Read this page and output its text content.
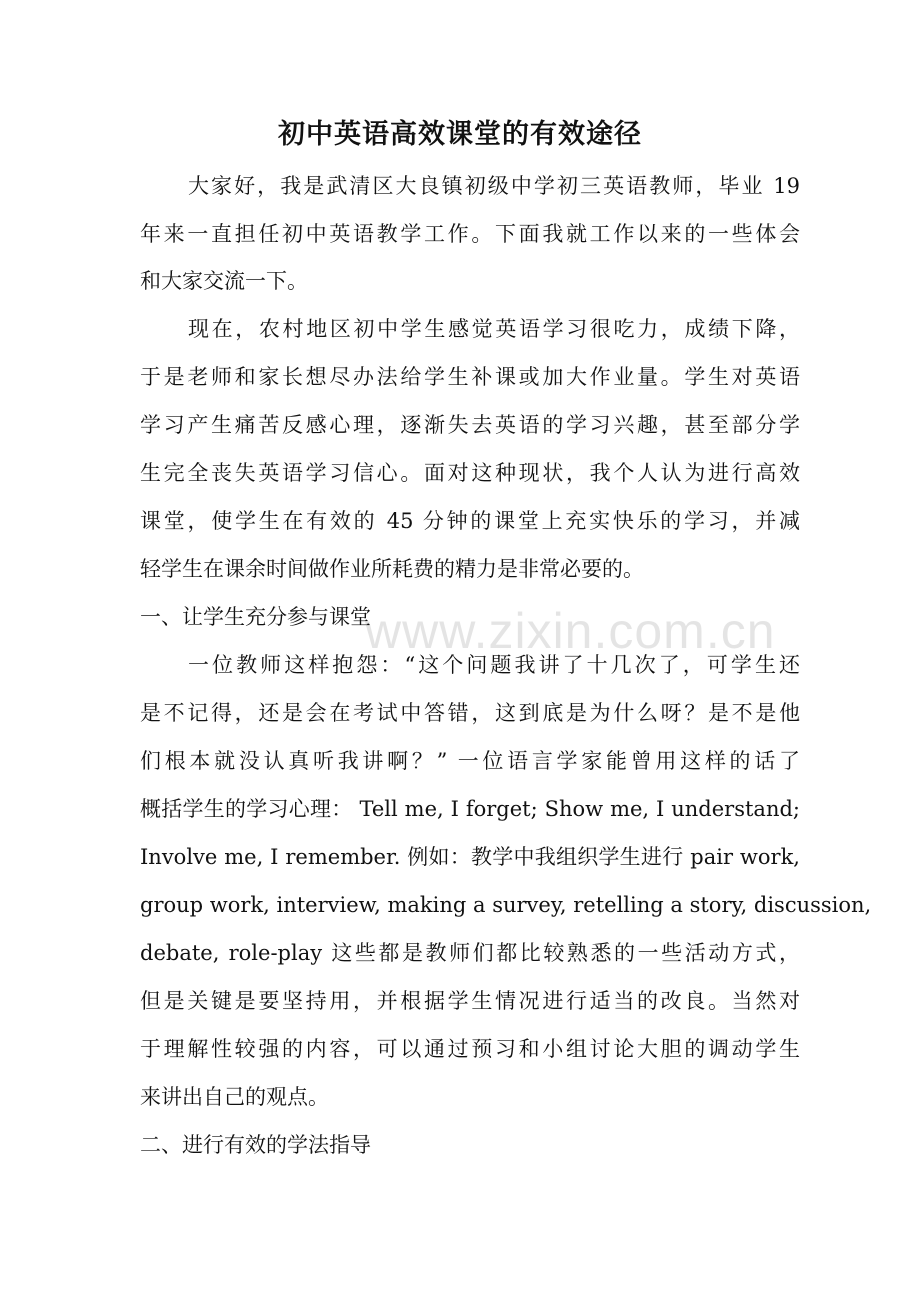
初中英语高效课堂的有效途径
大家好，我是武清区大良镇初级中学初三英语教师，毕业 19
年来一直担任初中英语教学工作。下面我就工作以来的一些体会
和大家交流一下。
现在，农村地区初中学生感觉英语学习很吃力，成绩下降，
于是老师和家长想尽办法给学生补课或加大作业量。学生对英语
学习产生痛苦反感心理，逐渐失去英语的学习兴趣，甚至部分学
生完全丧失英语学习信心。面对这种现状，我个人认为进行高效
课堂，使学生在有效的 45 分钟的课堂上充实快乐的学习，并减
轻学生在课余时间做作业所耗费的精力是非常必要的。
一、让学生充分参与课堂
一位教师这样抱怨：“这个问题我讲了十几次了，可学生还
是不记得，还是会在考试中答错，这到底是为什么呀？是不是他
们根本就没认真听我讲啊？” 一位语言学家能曾用这样的话了
概括学生的学习心理： Tell me, I forget; Show me, I understand;
Involve me, I remember. 例如：教学中我组织学生进行 pair work,
group work, interview, making a survey, retelling a story, discussion,
debate, role-play 这些都是教师们都比较熟悉的一些活动方式，
但是关键是要坚持用，并根据学生情况进行适当的改良。当然对
于理解性较强的内容，可以通过预习和小组讨论大胆的调动学生
来讲出自己的观点。
二、进行有效的学法指导
www.zixin.com.cn
